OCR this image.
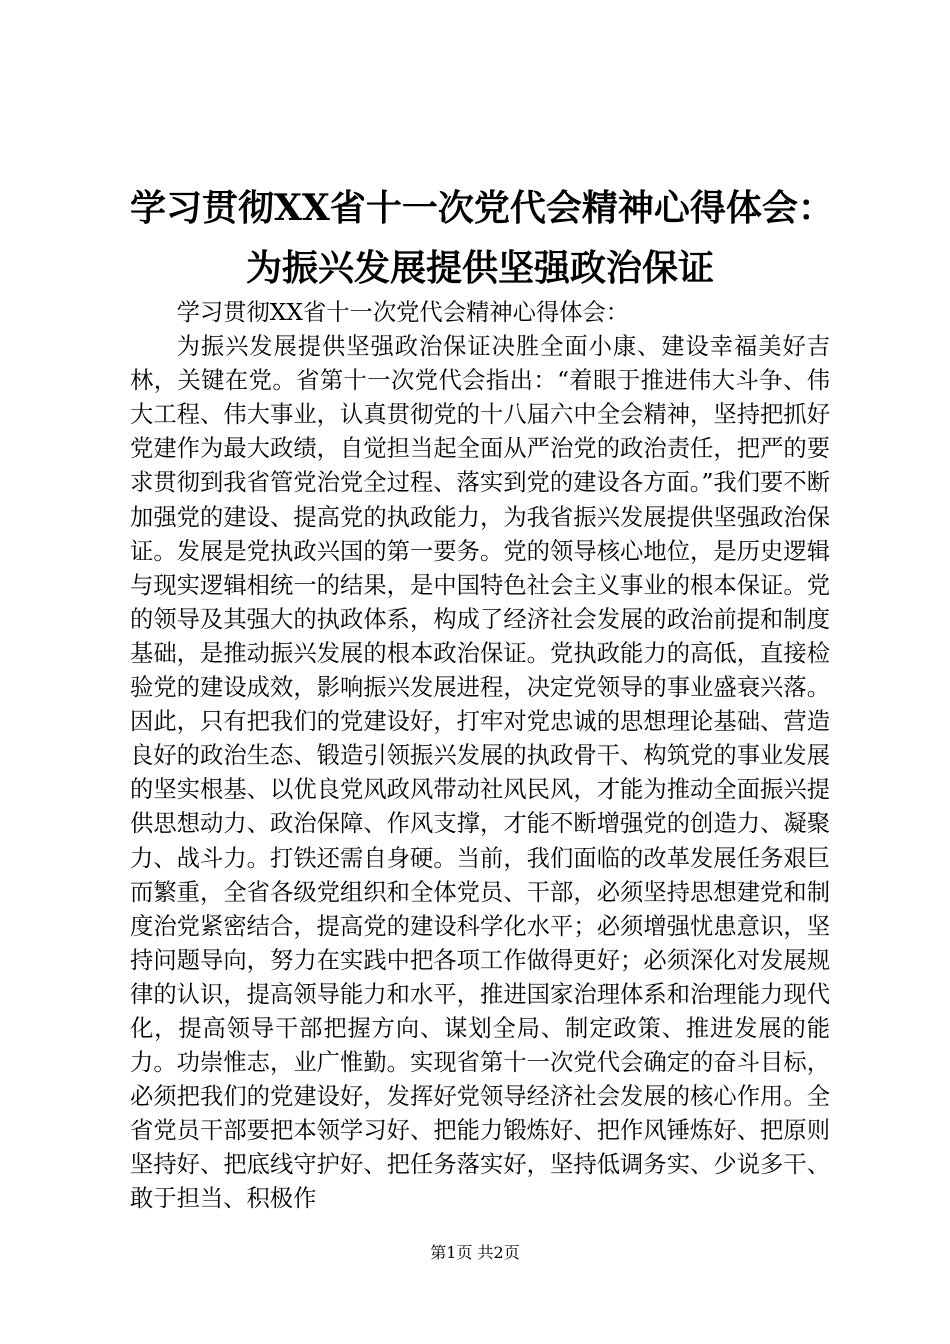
学习贯彻XX省十一次党代会精神心得体会：
为振兴发展提供坚强政治保证

学习贯彻XX省十一次党代会精神心得体会：

为振兴发展提供坚强政治保证决胜全面小康、建设幸福美好吉林，关键在党。省第十一次党代会指出：“着眼于推进伟大斗争、伟大工程、伟大事业，认真贯彻党的十八届六中全会精神，坚持把抓好党建作为最大政绩，自觉担当起全面从严治党的政治责任，把严的要求贯彻到我省管党治党全过程、落实到党的建设各方面。”我们要不断加强党的建设、提高党的执政能力，为我省振兴发展提供坚强政治保证。发展是党执政兴国的第一要务。党的领导核心地位，是历史逻辑与现实逻辑相统一的结果，是中国特色社会主义事业的根本保证。党的领导及其强大的执政体系，构成了经济社会发展的政治前提和制度基础，是推动振兴发展的根本政治保证。党执政能力的高低，直接检验党的建设成效，影响振兴发展进程，决定党领导的事业盛衰兴落。因此，只有把我们的党建设好，打牢对党忠诚的思想理论基础、营造良好的政治生态、锻造引领振兴发展的执政骨干、构筑党的事业发展的坚实根基、以优良党风政风带动社风民风，才能为推动全面振兴提供思想动力、政治保障、作风支撑，才能不断增强党的创造力、凝聚力、战斗力。打铁还需自身硬。当前，我们面临的改革发展任务艰巨而繁重，全省各级党组织和全体党员、干部，必须坚持思想建党和制度治党紧密结合，提高党的建设科学化水平；必须增强忧患意识，坚持问题导向，努力在实践中把各项工作做得更好；必须深化对发展规律的认识，提高领导能力和水平，推进国家治理体系和治理能力现代化，提高领导干部把握方向、谋划全局、制定政策、推进发展的能力。功崇惟志，业广惟勤。实现省第十一次党代会确定的奋斗目标，必须把我们的党建设好，发挥好党领导经济社会发展的核心作用。全省党员干部要把本领学习好、把能力锻炼好、把作风锤炼好、把原则坚持好、把底线守护好、把任务落实好，坚持低调务实、少说多干、敢于担当、积极作

第1页 共2页
